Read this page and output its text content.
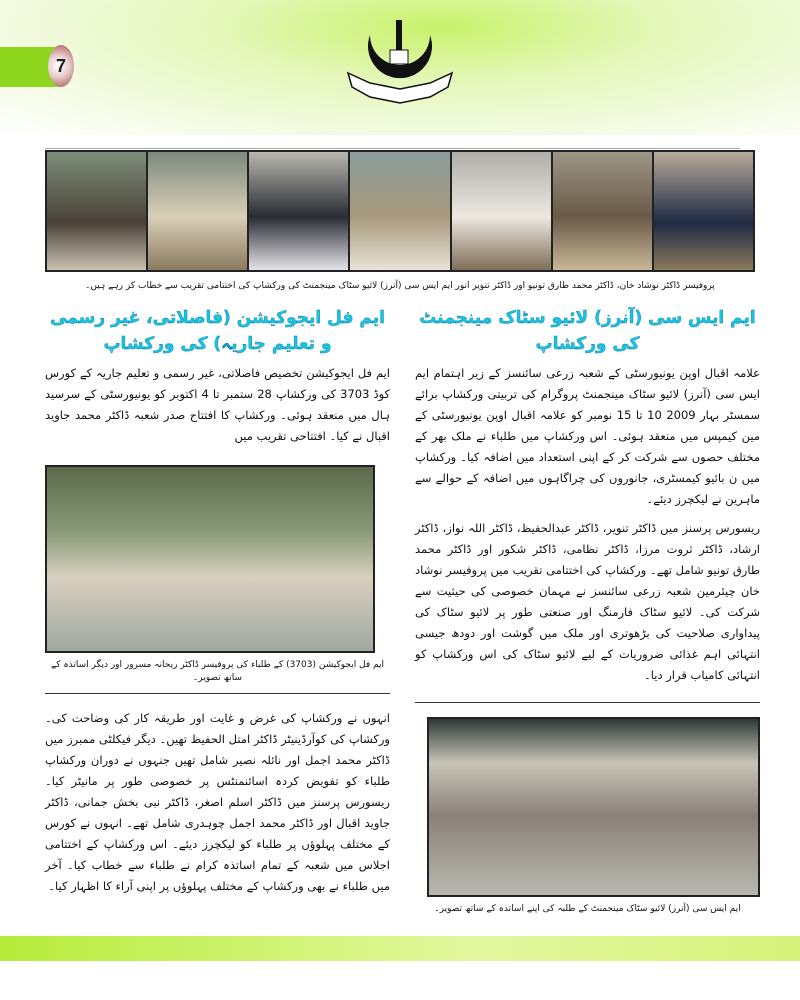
7
پروفیسر ڈاکٹر نوشاد خان، ڈاکٹر محمد طارق تونیو اور ڈاکٹر تنویر انور ایم ایس سی (آنرز) لائیو سٹاک مینجمنٹ کی ورکشاپ کی اختتامی تقریب سے خطاب کر رہے ہیں۔
ایم ایس سی (آنرز) لائیو سٹاک مینجمنٹ کی ورکشاپ
علامہ اقبال اوپن یونیورسٹی کے شعبہ زرعی سائنسز کے زیر اہتمام ایم ایس سی (آنرز) لائیو سٹاک مینجمنٹ پروگرام کی تربیتی ورکشاپ برائے سمسٹر بہار 2009 10 تا 15 نومبر کو علامہ اقبال اوپن یونیورسٹی کے مین کیمپس میں منعقد ہوئی۔ اس ورکشاپ میں طلباء نے ملک بھر کے مختلف حصوں سے شرکت کر کے اپنی استعداد میں اضافہ کیا۔ ورکشاپ میں ن بائیو کیمسٹری، جانوروں کی چراگاہوں میں اضافہ کے حوالے سے ماہرین نے لیکچرز دیئے۔
ریسورس پرسنز میں ڈاکٹر تنویر، ڈاکٹر عبدالحفیظ، ڈاکٹر اللہ نواز، ڈاکٹر ارشاد، ڈاکٹر ثروت مرزا، ڈاکٹر نظامی، ڈاکٹر شکور اور ڈاکٹر محمد طارق تونیو شامل تھے۔ ورکشاپ کی اختتامی تقریب میں پروفیسر نوشاد خان چیئرمین شعبہ زرعی سائنسز نے مہمان خصوصی کی حیثیت سے شرکت کی۔ لائیو سٹاک فارمنگ اور صنعتی طور پر لائیو سٹاک کی پیداواری صلاحیت کی بڑھوتری اور ملک میں گوشت اور دودھ جیسی انتہائی اہم غذائی ضروریات کے لیے لائیو سٹاک کی اس ورکشاپ کو انتہائی کامیاب قرار دیا۔
ایم ایس سی (آنرز) لائیو سٹاک مینجمنٹ کے طلبہ کی اپنے اساتذہ کے ساتھ تصویر۔
ایم فل ایجوکیشن (فاصلاتی، غیر رسمی و تعلیم جاریہ) کی ورکشاپ
ایم فل ایجوکیشن تخصیص فاصلاتی، غیر رسمی و تعلیم جاریہ کے کورس کوڈ 3703 کی ورکشاپ 28 ستمبر تا 4 اکتوبر کو یونیورسٹی کے سرسید ہال میں منعقد ہوئی۔ ورکشاپ کا افتتاح صدر شعبہ ڈاکٹر محمد جاوید اقبال نے کیا۔ افتتاحی تقریب میں
ایم فل ایجوکیشن (3703) کے طلباء کی پروفیسر ڈاکٹر ریحانہ مسرور اور دیگر اساتذہ کے ساتھ تصویر۔
انہوں نے ورکشاپ کی غرض و غایت اور طریقہ کار کی وضاحت کی۔ ورکشاپ کی کوآرڈینیٹر ڈاکٹر امتل الحفیظ تھیں۔ دیگر فیکلٹی ممبرز میں ڈاکٹر محمد اجمل اور نائلہ نصیر شامل تھیں جنہوں نے دوران ورکشاپ طلباء کو تفویض کردہ اسائنمنٹس پر خصوصی طور پر مانیٹر کیا۔ ریسورس پرسنز میں ڈاکٹر اسلم اصغر، ڈاکٹر نبی بخش جمانی، ڈاکٹر جاوید اقبال اور ڈاکٹر محمد اجمل چوہدری شامل تھے۔ انہوں نے کورس کے مختلف پہلوؤں پر طلباء کو لیکچرز دیئے۔ اس ورکشاپ کے اختتامی اجلاس میں شعبہ کے تمام اساتذہ کرام نے طلباء سے خطاب کیا۔ آخر میں طلباء نے بھی ورکشاپ کے مختلف پہلوؤں پر اپنی آراء کا اظہار کیا۔
